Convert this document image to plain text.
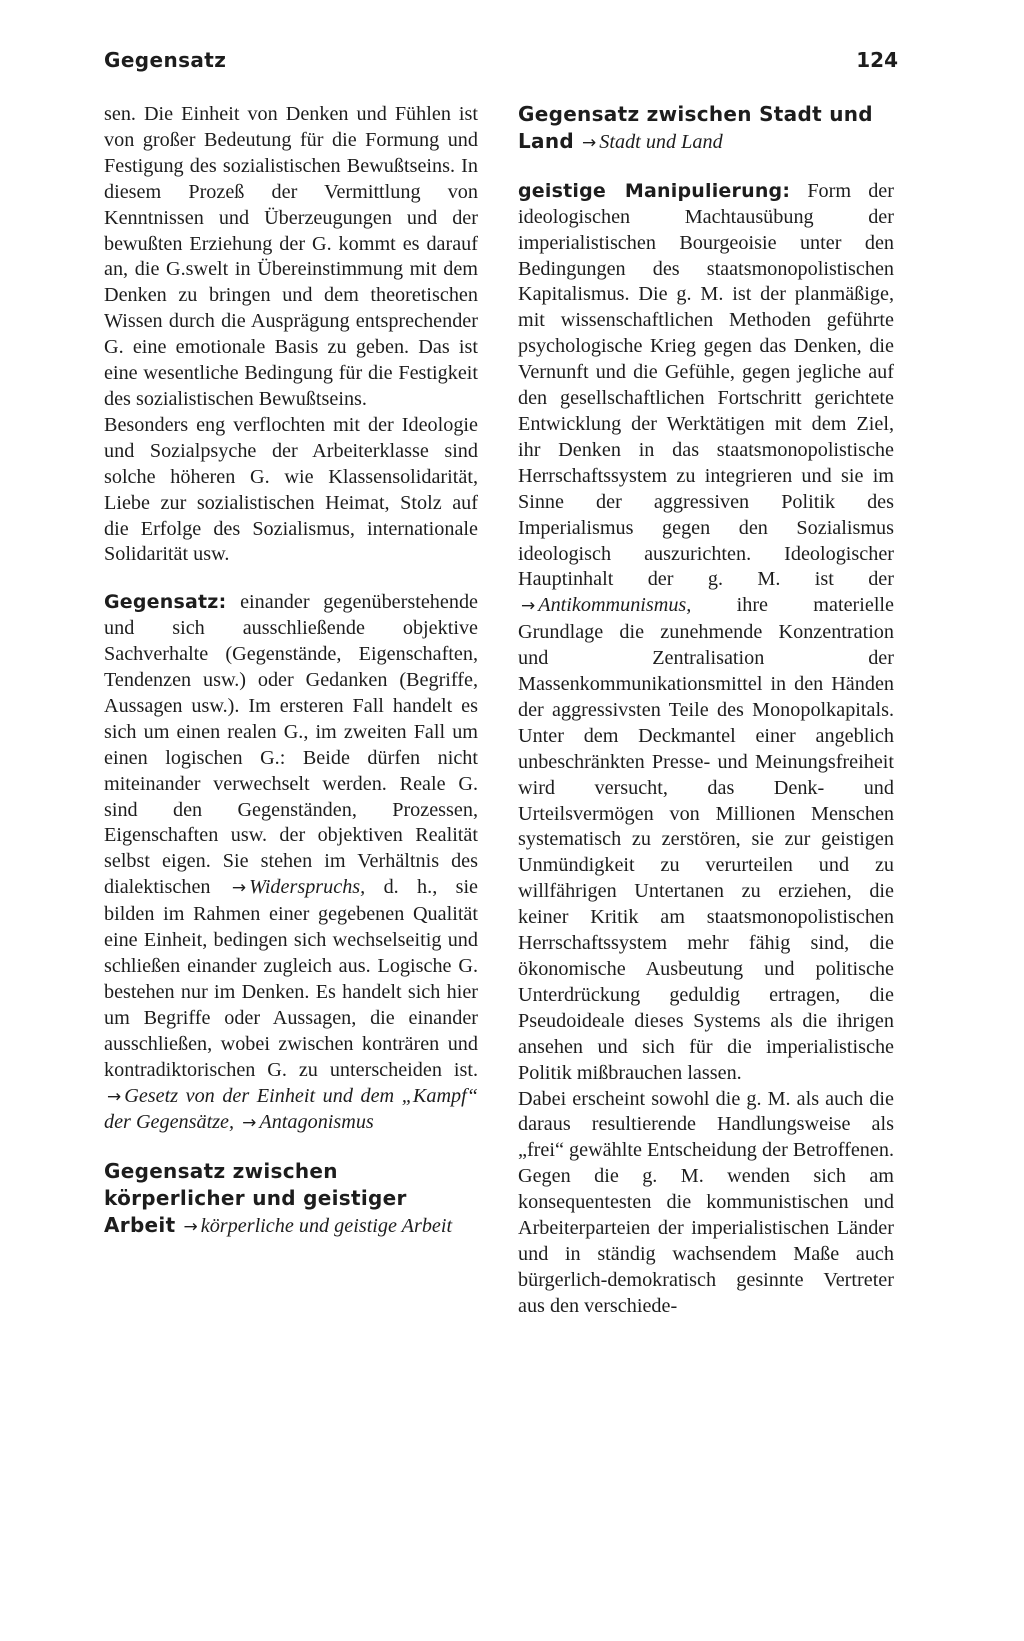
Gegensatz	124

sen. Die Einheit von Denken und Fühlen ist von großer Bedeutung für die Formung und Festigung des sozialistischen Bewußtseins. In diesem Prozeß der Vermittlung von Kenntnissen und Überzeugungen und der bewußten Erziehung der G. kommt es darauf an, die G.swelt in Übereinstimmung mit dem Denken zu bringen und dem theoretischen Wissen durch die Ausprägung entsprechender G. eine emotionale Basis zu geben. Das ist eine wesentliche Bedingung für die Festigkeit des sozialistischen Bewußtseins.

Besonders eng verflochten mit der Ideologie und Sozialpsyche der Arbeiterklasse sind solche höheren G. wie Klassensolidarität, Liebe zur sozialistischen Heimat, Stolz auf die Erfolge des Sozialismus, internationale Solidarität usw.

Gegensatz: einander gegenüberstehende und sich ausschließende objektive Sachverhalte (Gegenstände, Eigenschaften, Tendenzen usw.) oder Gedanken (Begriffe, Aussagen usw.). Im ersteren Fall handelt es sich um einen realen G., im zweiten Fall um einen logischen G.: Beide dürfen nicht miteinander verwechselt werden. Reale G. sind den Gegenständen, Prozessen, Eigenschaften usw. der objektiven Realität selbst eigen. Sie stehen im Verhältnis des dialektischen → Widerspruchs, d. h., sie bilden im Rahmen einer gegebenen Qualität eine Einheit, bedingen sich wechselseitig und schließen einander zugleich aus. Logische G. bestehen nur im Denken. Es handelt sich hier um Begriffe oder Aussagen, die einander ausschließen, wobei zwischen konträren und kontradiktorischen G. zu unterscheiden ist. → Gesetz von der Einheit und dem „Kampf“ der Gegensätze, → Antagonismus

Gegensatz zwischen körperlicher und geistiger Arbeit → körperliche und geistige Arbeit

Gegensatz zwischen Stadt und Land → Stadt und Land

geistige Manipulierung: Form der ideologischen Machtausübung der imperialistischen Bourgeoisie unter den Bedingungen des staatsmonopolistischen Kapitalismus. Die g. M. ist der planmäßige, mit wissenschaftlichen Methoden geführte psychologische Krieg gegen das Denken, die Vernunft und die Gefühle, gegen jegliche auf den gesellschaftlichen Fortschritt gerichtete Entwicklung der Werktätigen mit dem Ziel, ihr Denken in das staatsmonopolistische Herrschaftssystem zu integrieren und sie im Sinne der aggressiven Politik des Imperialismus gegen den Sozialismus ideologisch auszurichten. Ideologischer Hauptinhalt der g. M. ist der → Antikommunismus, ihre materielle Grundlage die zunehmende Konzentration und Zentralisation der Massenkommunikationsmittel in den Händen der aggressivsten Teile des Monopolkapitals. Unter dem Deckmantel einer angeblich unbeschränkten Presse- und Meinungsfreiheit wird versucht, das Denk- und Urteilsvermögen von Millionen Menschen systematisch zu zerstören, sie zur geistigen Unmündigkeit zu verurteilen und zu willfährigen Untertanen zu erziehen, die keiner Kritik am staatsmonopolistischen Herrschaftssystem mehr fähig sind, die ökonomische Ausbeutung und politische Unterdrückung geduldig ertragen, die Pseudoideale dieses Systems als die ihrigen ansehen und sich für die imperialistische Politik mißbrauchen lassen.

Dabei erscheint sowohl die g. M. als auch die daraus resultierende Handlungsweise als „frei“ gewählte Entscheidung der Betroffenen. Gegen die g. M. wenden sich am konsequentesten die kommunistischen und Arbeiterparteien der imperialistischen Länder und in ständig wachsendem Maße auch bürgerlich-demokratisch gesinnte Vertreter aus den verschiede-
